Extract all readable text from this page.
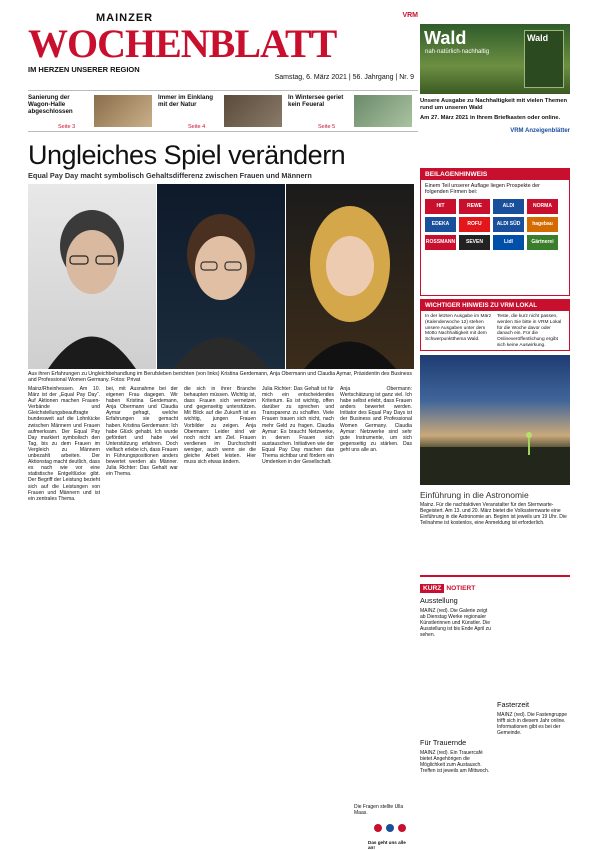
MAINZER
WOCHENBLATT
IM HERZEN UNSERER REGION
Samstag, 6. März 2021 | 56. Jahrgang | Nr. 9
VRM
Wald
nah·natürlich·nachhaltig
Wald
Sanierung der Wagon-Halle abgeschlossen
Seite 3
Immer im Einklang mit der Natur
Seite 4
In Wintersee geriet kein Feueral
Seite 5
Unsere Ausgabe zu Nachhaltigkeit mit vielen Themen rund um unseren Wald
Am 27. März 2021 in Ihrem Briefkasten oder online.
VRM Anzeigenblätter
Ungleiches Spiel verändern
Equal Pay Day macht symbolisch Gehaltsdifferenz zwischen Frauen und Männern
Aus ihren Erfahrungen zu Ungleichbehandlung im Berufsleben berichten (von links) Kristina Gerdemann, Anja Obermann und Claudia Aymar, Präsidentin des Business and Professional Women Germany. Fotos: Privat
BEILAGENHINWEIS
Einem Teil unserer Auflage liegen Prospekte der folgenden Firmen bei:
HIT	REWE	ALDI	NORMA
EDEKA	ROFU	ALDI SÜD	hagebau
ROSSMANN	SEVEN	Lidl	Gärtnerei
WICHTIGER HINWEIS ZU VRM LOKAL
In der letzten Ausgabe im März (Kalenderwoche 12) stehen unsere Ausgaben unter dem Motto Nachhaltigkeit mit dem Schwerpunktthema Wald.
Teste, die kurz nicht passen, werden Sie bitte in VRM Lokal für die Woche davor oder danach ein. Für die Onlineveröffentlichung ergibt sich keine Auswirkung.
Einführung in die Astronomie
Mainz. Für die nachtaktiven Veranstalter für den Sternwarte-Begeistert. Am 13. und 20. März bietet die Volkssternwarte eine Einführung in die Astronomie an. Beginn ist jeweils um 19 Uhr. Die Teilnahme ist kostenlos, eine Anmeldung ist erforderlich.
KURZ NOTIERT
Ausstellung
MAINZ (red). Die Galerie zeigt ab Dienstag Werke regionaler Künstlerinnen und Künstler. Die Ausstellung ist bis Ende April zu sehen.
Für Trauernde
MAINZ (red). Ein Trauercafé bietet Angehörigen die Möglichkeit zum Austausch. Treffen ist jeweils am Mittwoch.
Fasterzeit
MAINZ (red). Die Fastengruppe trifft sich in diesem Jahr online. Informationen gibt es bei der Gemeinde.
Mainz/Rheinhessen. Am 10. März ist der „Equal Pay Day“. Auf Aktionen machen Frauen-Verbände und Gleichstellungsbeauftragte bundesweit auf die Lohnlücke zwischen Männern und Frauen aufmerksam. Der Equal Pay Day markiert symbolisch den Tag, bis zu dem Frauen im Vergleich zu Männern unbezahlt arbeiten. Der Aktionstag macht deutlich, dass es nach wie vor eine statistische Entgeltlücke gibt. Der Begriff der Leistung bezieht sich auf die Leistungen von Frauen und Männern und ist ein zentrales Thema.
bei, mit Ausnahme bei der eigenen Frau dagegen. Wir haben Kristina Gerdemann, Anja Obermann und Claudia Aymar gefragt, welche Erfahrungen sie gemacht haben. Kristina Gerdemann: Ich habe Glück gehabt. Ich wurde gefördert und habe viel Unterstützung erfahren. Doch vielfach erlebe ich, dass Frauen in Führungspositionen anders bewertet werden als Männer. Julia Richter: Das Gehalt war ein Thema.
die sich in ihrer Branche behaupten müssen. Wichtig ist, dass Frauen sich vernetzen und gegenseitig unterstützen. Mit Blick auf die Zukunft ist es wichtig, jungen Frauen Vorbilder zu zeigen. Anja Obermann: Leider sind wir noch nicht am Ziel. Frauen verdienen im Durchschnitt weniger, auch wenn sie die gleiche Arbeit leisten. Hier muss sich etwas ändern.
Julia Richter: Das Gehalt ist für mich ein entscheidendes Kriterium. Es ist wichtig, offen darüber zu sprechen und Transparenz zu schaffen. Viele Frauen trauen sich nicht, nach mehr Geld zu fragen. Claudia Aymar: Es braucht Netzwerke, in denen Frauen sich austauschen. Initiativen wie der Equal Pay Day machen das Thema sichtbar und fördern ein Umdenken in der Gesellschaft.
Anja Obermann: Wertschätzung ist ganz viel. Ich habe selbst erlebt, dass Frauen anders bewertet werden. Initiator des Equal Pay Days ist der Business and Professional Women Germany. Claudia Aymar: Netzwerke sind sehr gute Instrumente, um sich gegenseitig zu stärken. Das geht uns alle an.
Die Fragen stellte Ulla Maas.
Das geht uns alle an!
